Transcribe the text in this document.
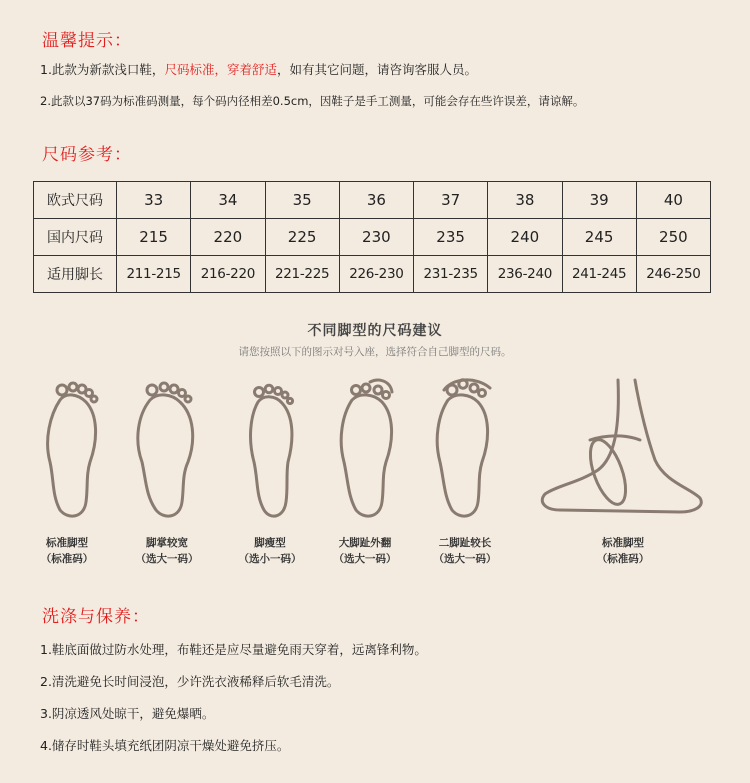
温馨提示：
1.此款为新款浅口鞋，尺码标准，穿着舒适，如有其它问题，请咨询客服人员。
2.此款以37码为标准码测量，每个码内径相差0.5cm，因鞋子是手工测量，可能会存在些许误差，请谅解。
尺码参考：
欧式尺码	33	34	35	36	37	38	39	40
国内尺码	215	220	225	230	235	240	245	250
适用脚长	211-215	216-220	221-225	226-230	231-235	236-240	241-245	246-250
不同脚型的尺码建议
请您按照以下的图示对号入座，选择符合自己脚型的尺码。
标准脚型
（标准码）
脚掌较宽
（选大一码）
脚瘦型
（选小一码）
大脚趾外翻
（选大一码）
二脚趾较长
（选大一码）
标准脚型
（标准码）
洗涤与保养：
1.鞋底面做过防水处理，布鞋还是应尽量避免雨天穿着，远离锋利物。
2.清洗避免长时间浸泡，少许洗衣液稀释后软毛清洗。
3.阴凉透风处晾干，避免爆晒。
4.储存时鞋头填充纸团阴凉干燥处避免挤压。
